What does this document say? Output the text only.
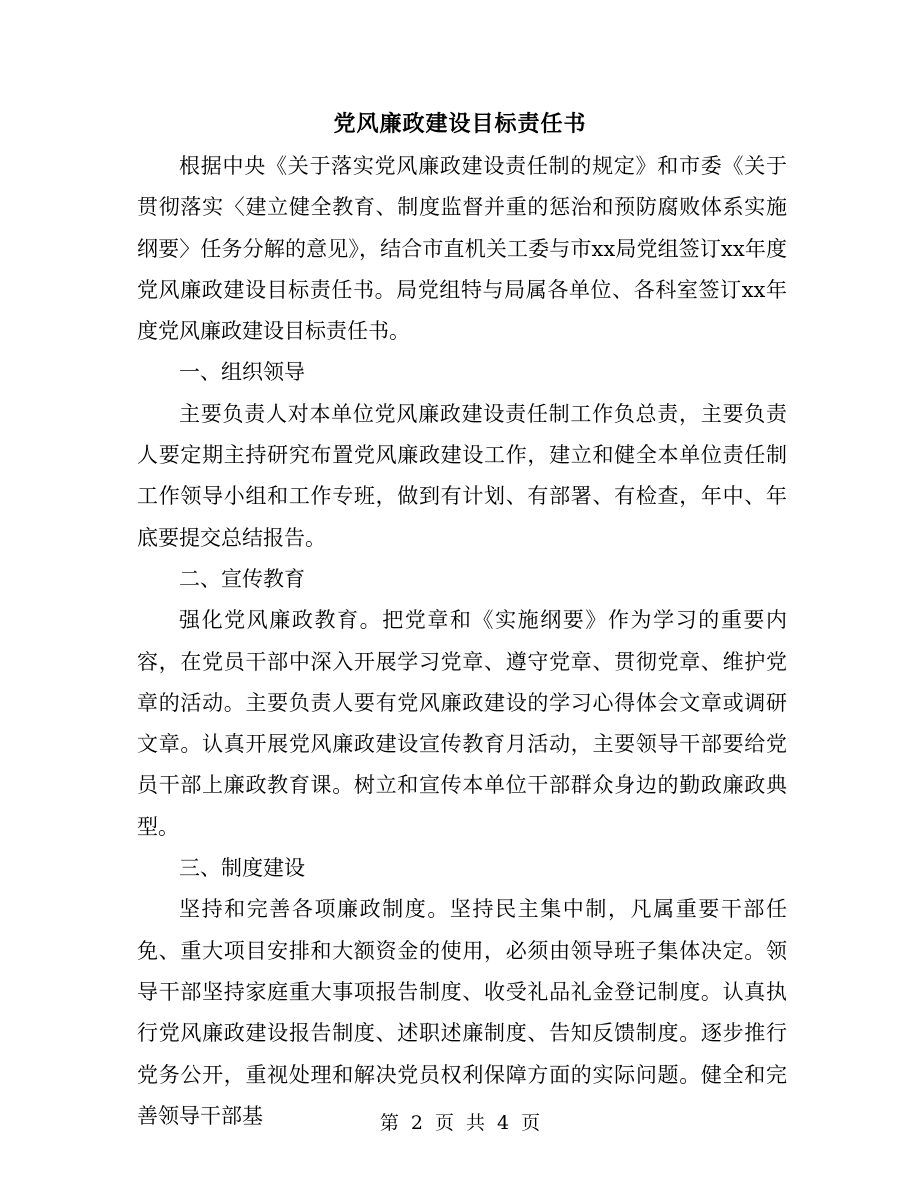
党风廉政建设目标责任书

根据中央《关于落实党风廉政建设责任制的规定》和市委《关于贯彻落实〈建立健全教育、制度监督并重的惩治和预防腐败体系实施纲要〉任务分解的意见》，结合市直机关工委与市xx局党组签订xx年度党风廉政建设目标责任书。局党组特与局属各单位、各科室签订xx年度党风廉政建设目标责任书。

一、组织领导

主要负责人对本单位党风廉政建设责任制工作负总责，主要负责人要定期主持研究布置党风廉政建设工作，建立和健全本单位责任制工作领导小组和工作专班，做到有计划、有部署、有检查，年中、年底要提交总结报告。

二、宣传教育

强化党风廉政教育。把党章和《实施纲要》作为学习的重要内容，在党员干部中深入开展学习党章、遵守党章、贯彻党章、维护党章的活动。主要负责人要有党风廉政建设的学习心得体会文章或调研文章。认真开展党风廉政建设宣传教育月活动，主要领导干部要给党员干部上廉政教育课。树立和宣传本单位干部群众身边的勤政廉政典型。

三、制度建设

坚持和完善各项廉政制度。坚持民主集中制，凡属重要干部任免、重大项目安排和大额资金的使用，必须由领导班子集体决定。领导干部坚持家庭重大事项报告制度、收受礼品礼金登记制度。认真执行党风廉政建设报告制度、述职述廉制度、告知反馈制度。逐步推行党务公开，重视处理和解决党员权利保障方面的实际问题。健全和完善领导干部基	第 2 页 共 4 页
